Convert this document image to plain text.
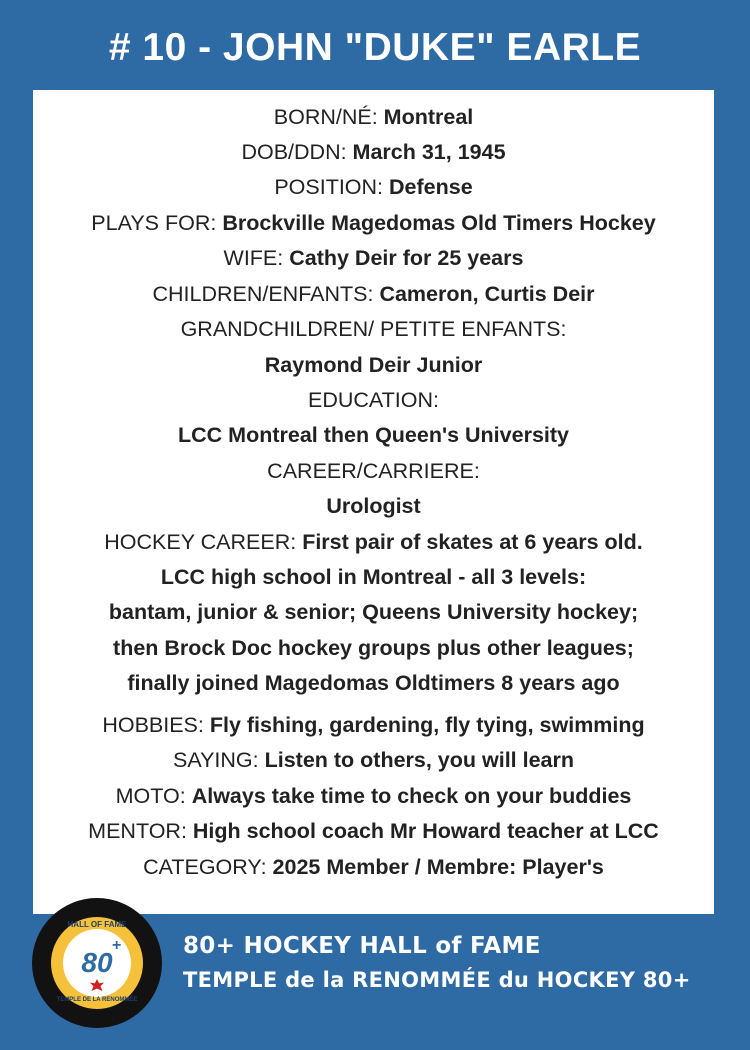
# 10 - JOHN "DUKE" EARLE
BORN/NÉ: Montreal
DOB/DDN: March 31, 1945
POSITION: Defense
PLAYS FOR: Brockville Magedomas Old Timers Hockey
WIFE: Cathy Deir for 25 years
CHILDREN/ENFANTS: Cameron, Curtis Deir
GRANDCHILDREN/ PETITE ENFANTS:
Raymond Deir Junior
EDUCATION:
LCC Montreal then Queen's University
CAREER/CARRIERE:
Urologist
HOCKEY CAREER: First pair of skates at 6 years old.
LCC high school in Montreal - all 3 levels:
bantam, junior & senior; Queens University hockey;
then Brock Doc hockey groups plus other leagues;
finally joined Magedomas Oldtimers 8 years ago
HOBBIES: Fly fishing, gardening, fly tying, swimming
SAYING: Listen to others, you will learn
MOTO: Always take time to check on your buddies
MENTOR: High school coach Mr Howard teacher at LCC
CATEGORY: 2025 Member / Membre: Player's
HALL OF FAME
80
+
TEMPLE DE LA RENOMMÉE
80+ HOCKEY HALL of FAME
TEMPLE de la RENOMMÉE du HOCKEY 80+
